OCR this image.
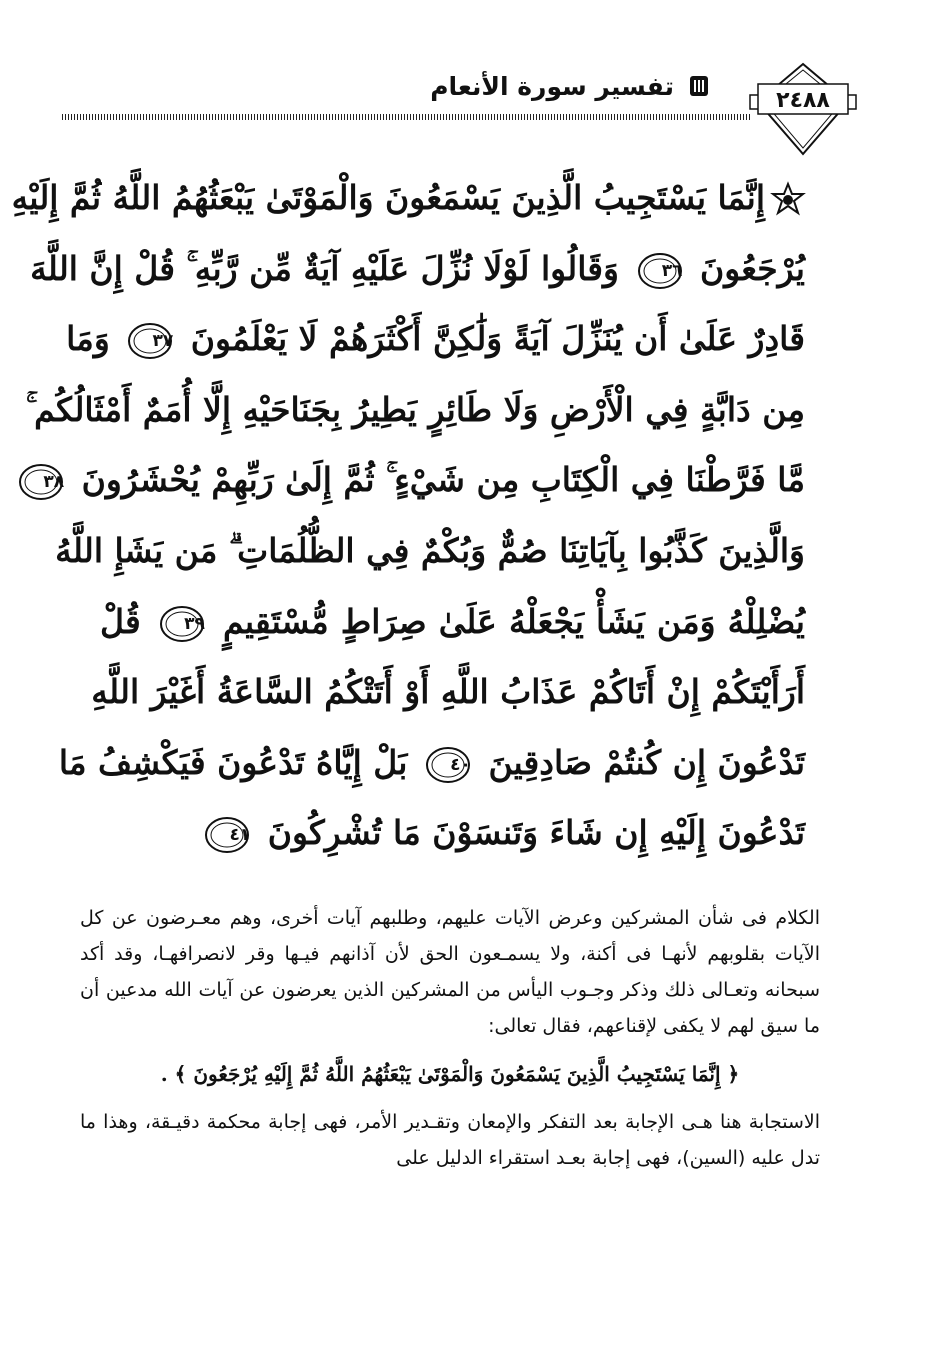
٢٤٨٨
تفسير سورة الأنعام
إِنَّمَا يَسْتَجِيبُ الَّذِينَ يَسْمَعُونَ وَالْمَوْتَىٰ يَبْعَثُهُمُ اللَّهُ ثُمَّ إِلَيْهِ
يُرْجَعُونَ
٣٦
وَقَالُوا لَوْلَا نُزِّلَ عَلَيْهِ آيَةٌ مِّن رَّبِّهِ ۚ قُلْ إِنَّ اللَّهَ
قَادِرٌ عَلَىٰ أَن يُنَزِّلَ آيَةً وَلَٰكِنَّ أَكْثَرَهُمْ لَا يَعْلَمُونَ
٣٧
وَمَا
مِن دَابَّةٍ فِي الْأَرْضِ وَلَا طَائِرٍ يَطِيرُ بِجَنَاحَيْهِ إِلَّا أُمَمٌ أَمْثَالُكُم ۚ
مَّا فَرَّطْنَا فِي الْكِتَابِ مِن شَيْءٍ ۚ ثُمَّ إِلَىٰ رَبِّهِمْ يُحْشَرُونَ
٣٨
وَالَّذِينَ كَذَّبُوا بِآيَاتِنَا صُمٌّ وَبُكْمٌ فِي الظُّلُمَاتِ ۗ مَن يَشَإِ اللَّهُ
يُضْلِلْهُ وَمَن يَشَأْ يَجْعَلْهُ عَلَىٰ صِرَاطٍ مُّسْتَقِيمٍ
٣٩
قُلْ
أَرَأَيْتَكُمْ إِنْ أَتَاكُمْ عَذَابُ اللَّهِ أَوْ أَتَتْكُمُ السَّاعَةُ أَغَيْرَ اللَّهِ
تَدْعُونَ إِن كُنتُمْ صَادِقِينَ
٤٠
بَلْ إِيَّاهُ تَدْعُونَ فَيَكْشِفُ مَا
تَدْعُونَ إِلَيْهِ إِن شَاءَ وَتَنسَوْنَ مَا تُشْرِكُونَ
٤١

الكلام فى شأن المشركين وعرض الآيات عليهم، وطلبهم آيات أخرى، وهم معـرضون عن كل الآيات بقلوبهم لأنهـا فى أكنة، ولا يسمـعون الحق لأن آذانهم فيـها وقر لانصرافهـا، وقد أكد سبحانه وتعـالى ذلك وذكر وجـوب اليأس من المشركين الذين يعرضون عن آيات الله مدعين أن ما سيق لهم لا يكفى لإقناعهم، فقال تعالى:

﴿ إِنَّمَا يَسْتَجِيبُ الَّذِينَ يَسْمَعُونَ وَالْمَوْتَىٰ يَبْعَثُهُمُ اللَّهُ ثُمَّ إِلَيْهِ يُرْجَعُونَ ﴾ .

الاستجابة هنا هـى الإجابة بعد التفكر والإمعان وتقـدير الأمر، فهى إجابة محكمة دقيـقة، وهذا ما تدل عليه (السين)، فهى إجابة بعـد استقراء الدليل على
